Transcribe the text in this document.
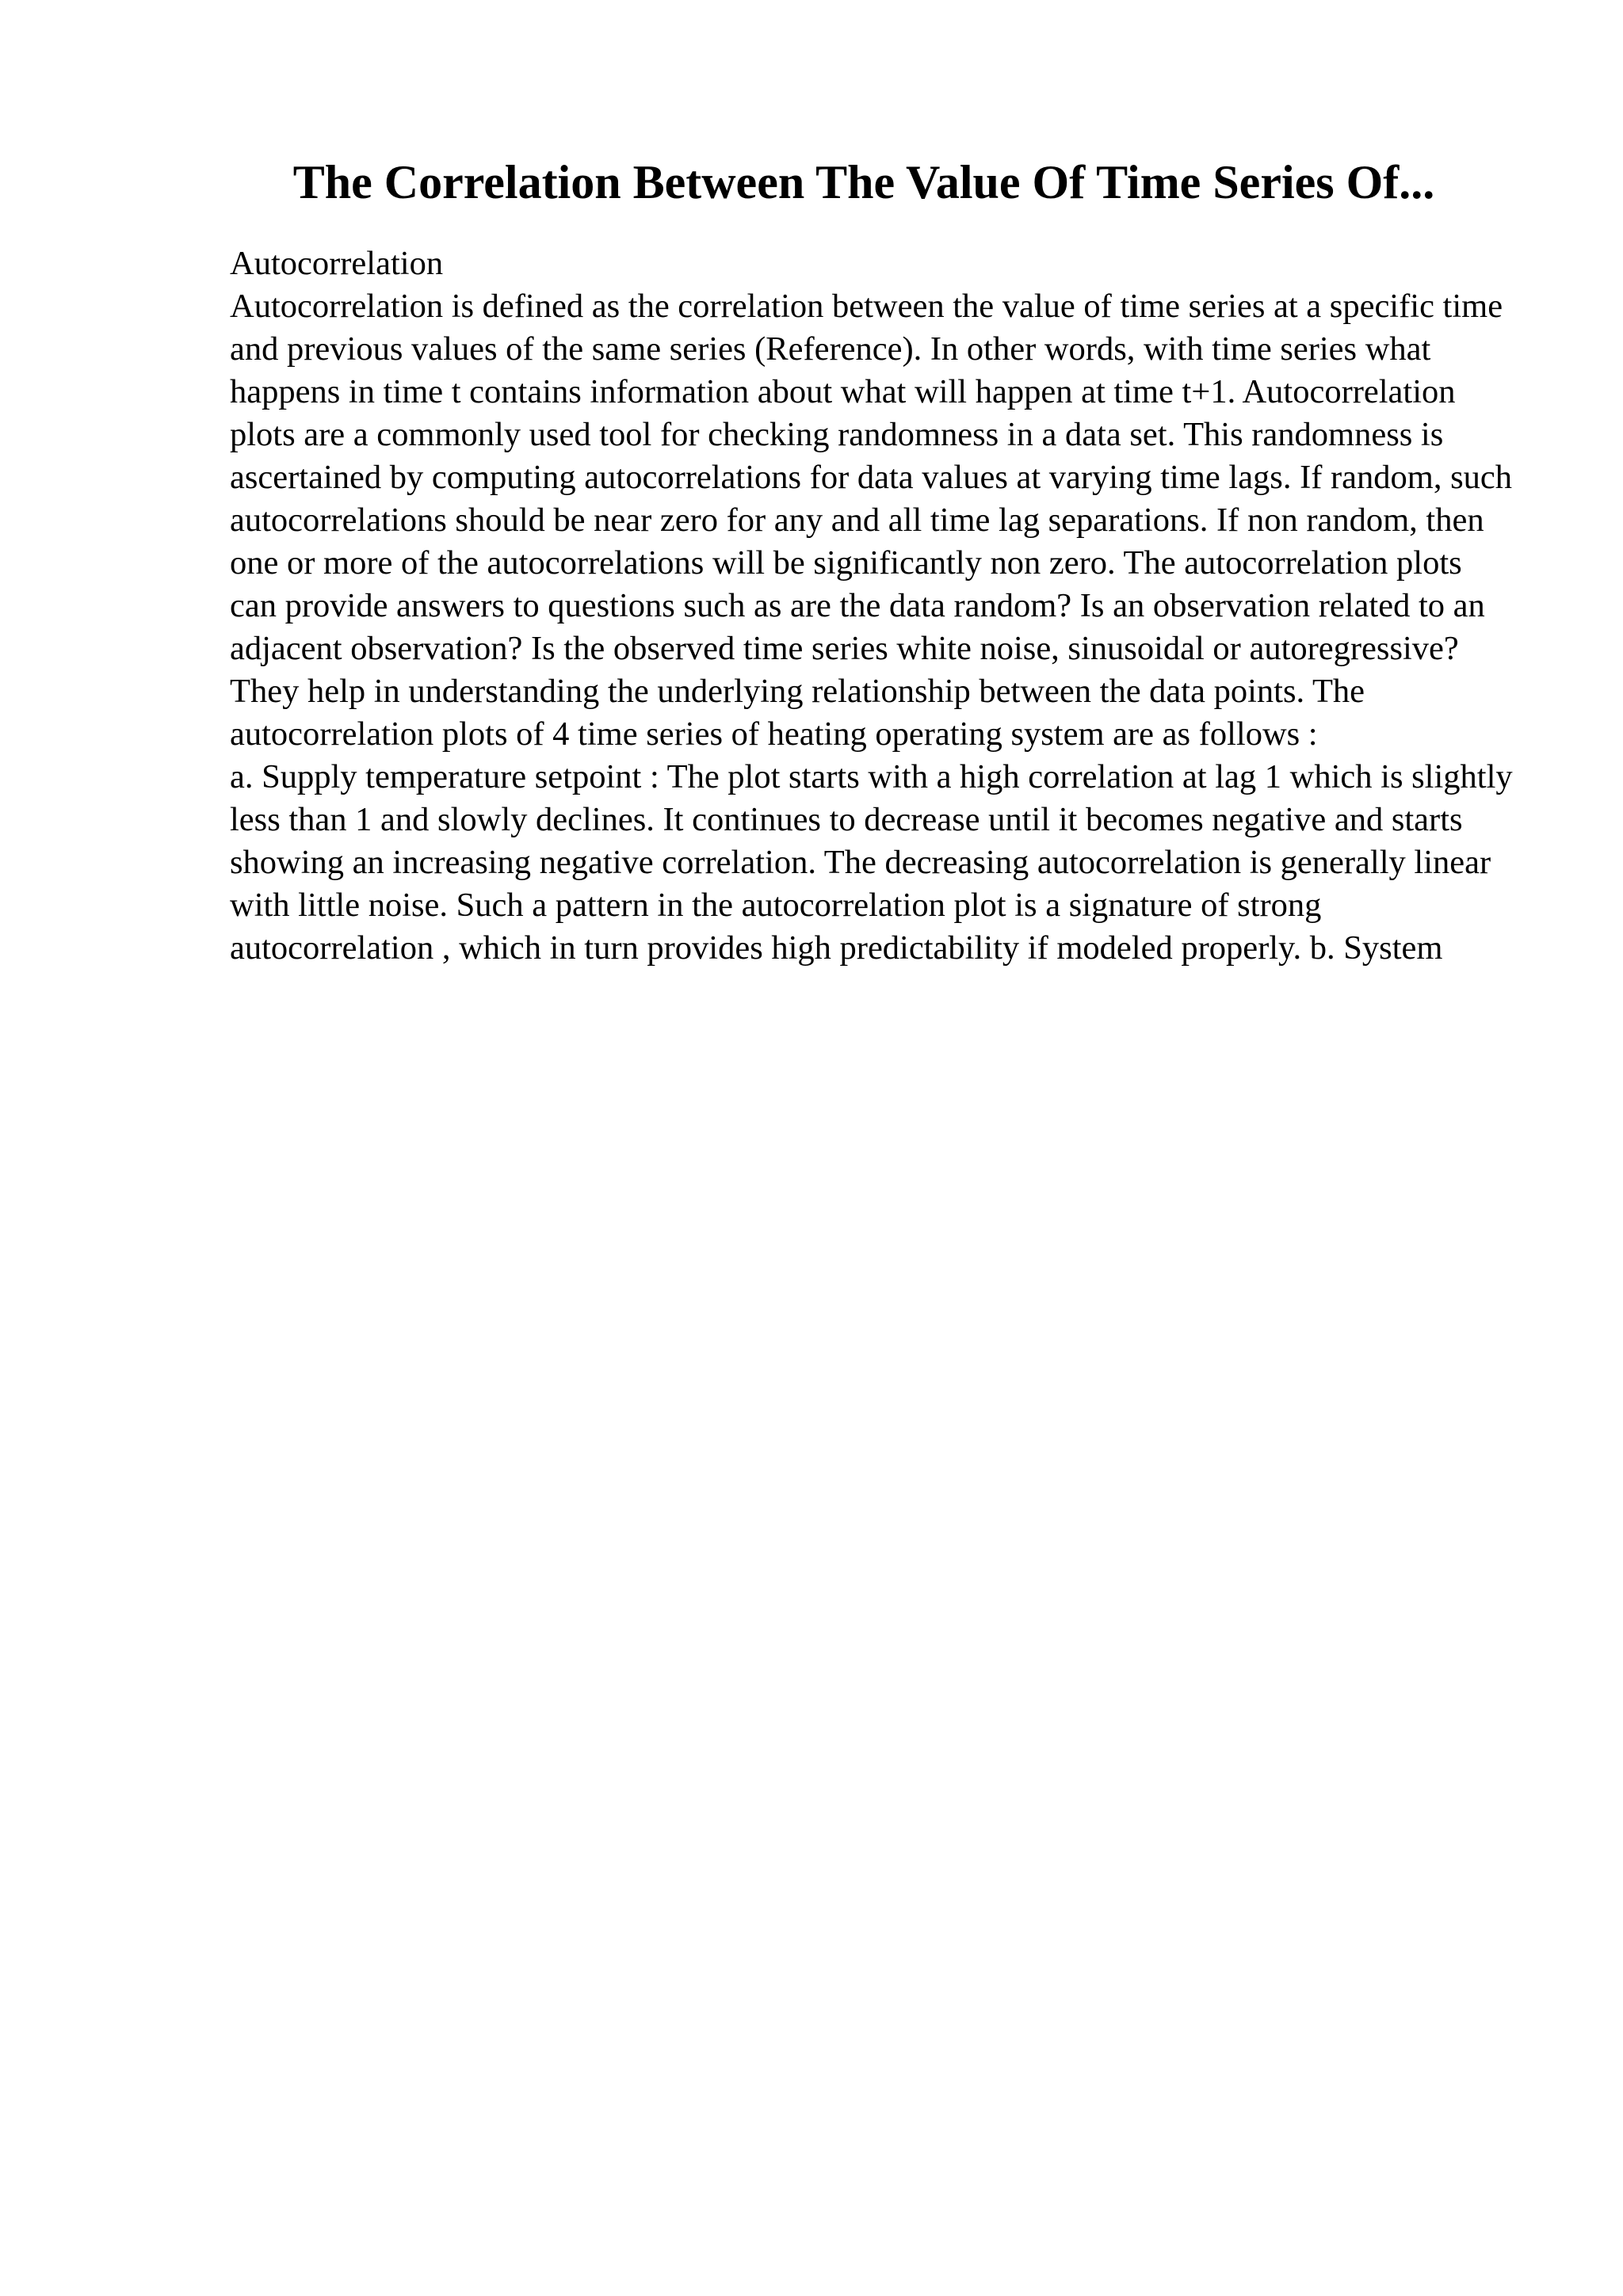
The Correlation Between The Value Of Time Series Of...

Autocorrelation

Autocorrelation is defined as the correlation between the value of time series at a specific time and previous values of the same series (Reference). In other words, with time series what happens in time t contains information about what will happen at time t+1. Autocorrelation plots are a commonly used tool for checking randomness in a data set. This randomness is ascertained by computing autocorrelations for data values at varying time lags. If random, such autocorrelations should be near zero for any and all time lag separations. If non random, then one or more of the autocorrelations will be significantly non zero. The autocorrelation plots can provide answers to questions such as are the data random? Is an observation related to an adjacent observation? Is the observed time series white noise, sinusoidal or autoregressive? They help in understanding the underlying relationship between the data points. The autocorrelation plots of 4 time series of heating operating system are as follows :

a. Supply temperature setpoint : The plot starts with a high correlation at lag 1 which is slightly less than 1 and slowly declines. It continues to decrease until it becomes negative and starts showing an increasing negative correlation. The decreasing autocorrelation is generally linear with little noise. Such a pattern in the autocorrelation plot is a signature of strong autocorrelation , which in turn provides high predictability if modeled properly. b. System
